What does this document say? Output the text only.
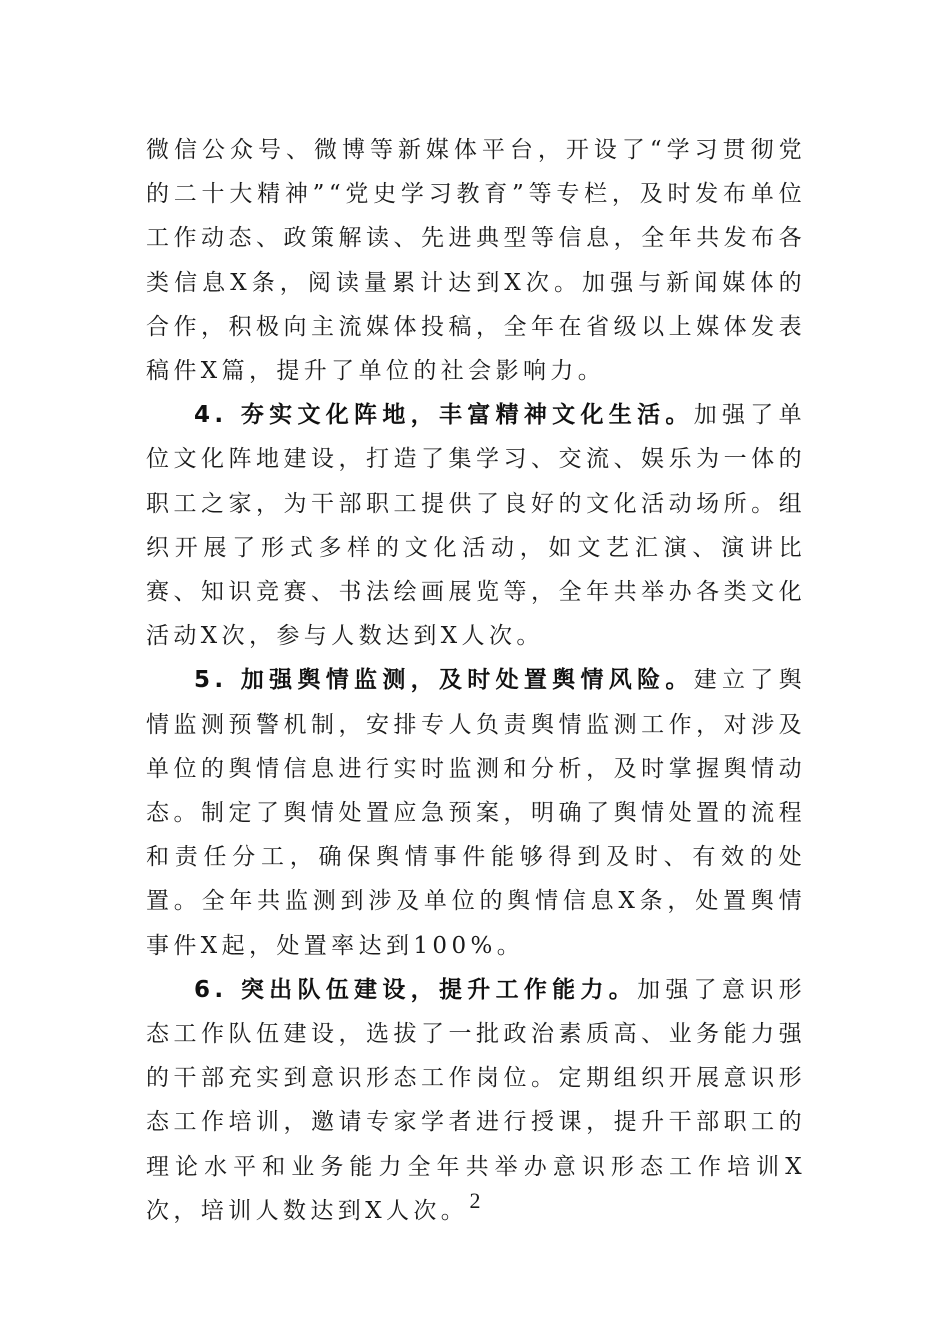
微信公众号、微博等新媒体平台，开设了“学习贯彻党的二十大精神”“党史学习教育”等专栏，及时发布单位工作动态、政策解读、先进典型等信息，全年共发布各类信息X条，阅读量累计达到X次。加强与新闻媒体的合作，积极向主流媒体投稿，全年在省级以上媒体发表稿件X篇，提升了单位的社会影响力。

4. 夯实文化阵地，丰富精神文化生活。加强了单位文化阵地建设，打造了集学习、交流、娱乐为一体的职工之家，为干部职工提供了良好的文化活动场所。组织开展了形式多样的文化活动，如文艺汇演、演讲比赛、知识竞赛、书法绘画展览等，全年共举办各类文化活动X次，参与人数达到X人次。

5. 加强舆情监测，及时处置舆情风险。建立了舆情监测预警机制，安排专人负责舆情监测工作，对涉及单位的舆情信息进行实时监测和分析，及时掌握舆情动态。制定了舆情处置应急预案，明确了舆情处置的流程和责任分工，确保舆情事件能够得到及时、有效的处置。全年共监测到涉及单位的舆情信息X条，处置舆情事件X起，处置率达到100%。

6. 突出队伍建设，提升工作能力。加强了意识形态工作队伍建设，选拔了一批政治素质高、业务能力强的干部充实到意识形态工作岗位。定期组织开展意识形态工作培训，邀请专家学者进行授课，提升干部职工的理论水平和业务能力全年共举办意识形态工作培训X次，培训人数达到X人次。 2
